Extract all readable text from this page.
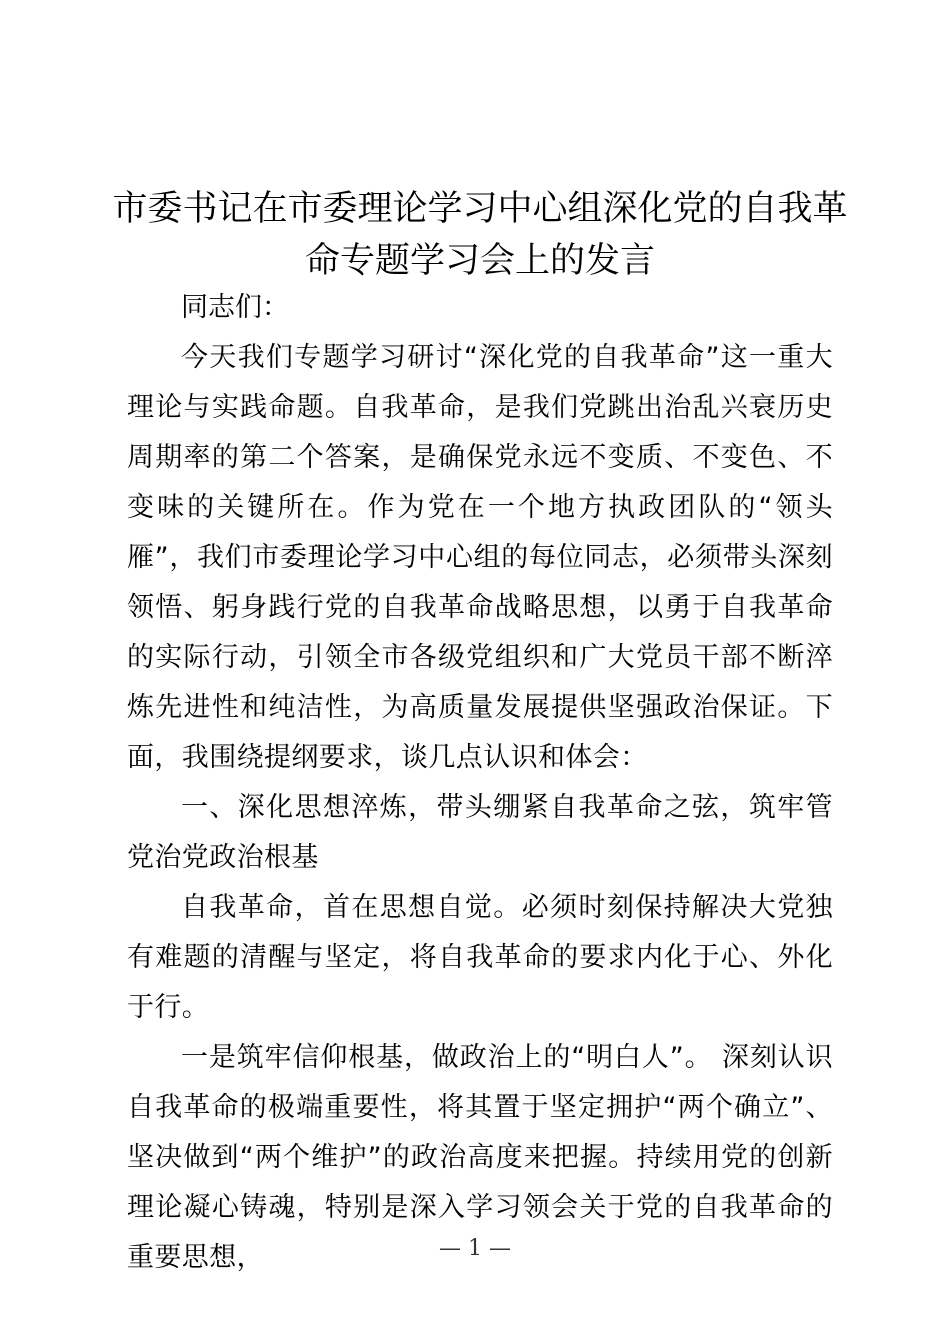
市委书记在市委理论学习中心组深化党的自我革命专题学习会上的发言

同志们：

今天我们专题学习研讨“深化党的自我革命”这一重大理论与实践命题。自我革命，是我们党跳出治乱兴衰历史周期率的第二个答案，是确保党永远不变质、不变色、不变味的关键所在。作为党在一个地方执政团队的“领头雁”，我们市委理论学习中心组的每位同志，必须带头深刻领悟、躬身践行党的自我革命战略思想，以勇于自我革命的实际行动，引领全市各级党组织和广大党员干部不断淬炼先进性和纯洁性，为高质量发展提供坚强政治保证。下面，我围绕提纲要求，谈几点认识和体会：

一、深化思想淬炼，带头绷紧自我革命之弦，筑牢管党治党政治根基

自我革命，首在思想自觉。必须时刻保持解决大党独有难题的清醒与坚定，将自我革命的要求内化于心、外化于行。

一是筑牢信仰根基，做政治上的“明白人”。 深刻认识自我革命的极端重要性，将其置于坚定拥护“两个确立”、坚决做到“两个维护”的政治高度来把握。持续用党的创新理论凝心铸魂，特别是深入学习领会关于党的自我革命的重要思想，	— 1 —
